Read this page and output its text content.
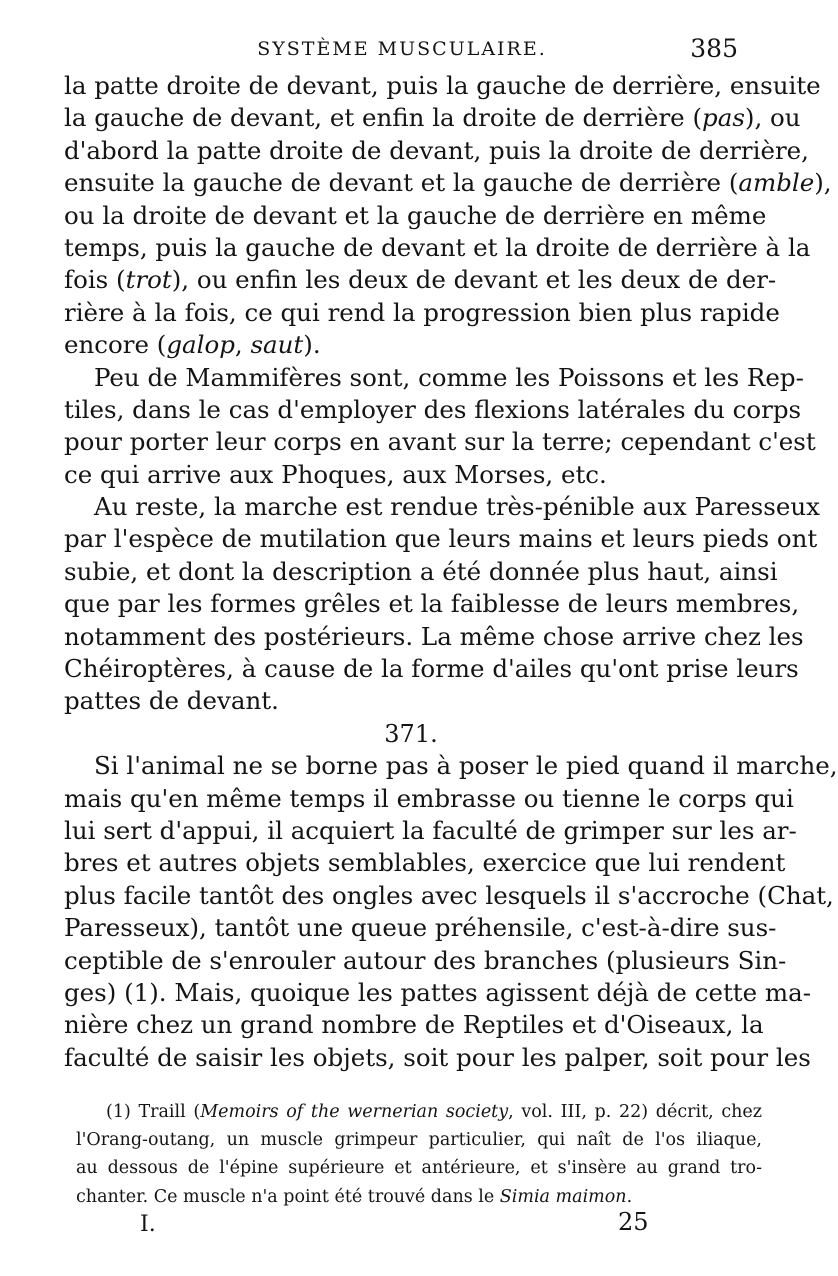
SYSTÈME MUSCULAIRE.	385

la patte droite de devant, puis la gauche de derrière, ensuite
la gauche de devant, et enfin la droite de derrière (pas), ou
d'abord la patte droite de devant, puis la droite de derrière,
ensuite la gauche de devant et la gauche de derrière (amble),
ou la droite de devant et la gauche de derrière en même
temps, puis la gauche de devant et la droite de derrière à la
fois (trot), ou enfin les deux de devant et les deux de der-
rière à la fois, ce qui rend la progression bien plus rapide
encore (galop, saut).

Peu de Mammifères sont, comme les Poissons et les Rep-
tiles, dans le cas d'employer des flexions latérales du corps
pour porter leur corps en avant sur la terre; cependant c'est
ce qui arrive aux Phoques, aux Morses, etc.

Au reste, la marche est rendue très-pénible aux Paresseux
par l'espèce de mutilation que leurs mains et leurs pieds ont
subie, et dont la description a été donnée plus haut, ainsi
que par les formes grêles et la faiblesse de leurs membres,
notamment des postérieurs. La même chose arrive chez les
Chéiroptères, à cause de la forme d'ailes qu'ont prise leurs
pattes de devant.

371.

Si l'animal ne se borne pas à poser le pied quand il marche,
mais qu'en même temps il embrasse ou tienne le corps qui
lui sert d'appui, il acquiert la faculté de grimper sur les ar-
bres et autres objets semblables, exercice que lui rendent
plus facile tantôt des ongles avec lesquels il s'accroche (Chat,
Paresseux), tantôt une queue préhensile, c'est-à-dire sus-
ceptible de s'enrouler autour des branches (plusieurs Sin-
ges) (1). Mais, quoique les pattes agissent déjà de cette ma-
nière chez un grand nombre de Reptiles et d'Oiseaux, la
faculté de saisir les objets, soit pour les palper, soit pour les

(1) Traill (Memoirs of the wernerian society, vol. III, p. 22) décrit, chez
l'Orang-outang, un muscle grimpeur particulier, qui naît de l'os iliaque,
au dessous de l'épine supérieure et antérieure, et s'insère au grand tro-
chanter. Ce muscle n'a point été trouvé dans le Simia maimon.
I.	25
